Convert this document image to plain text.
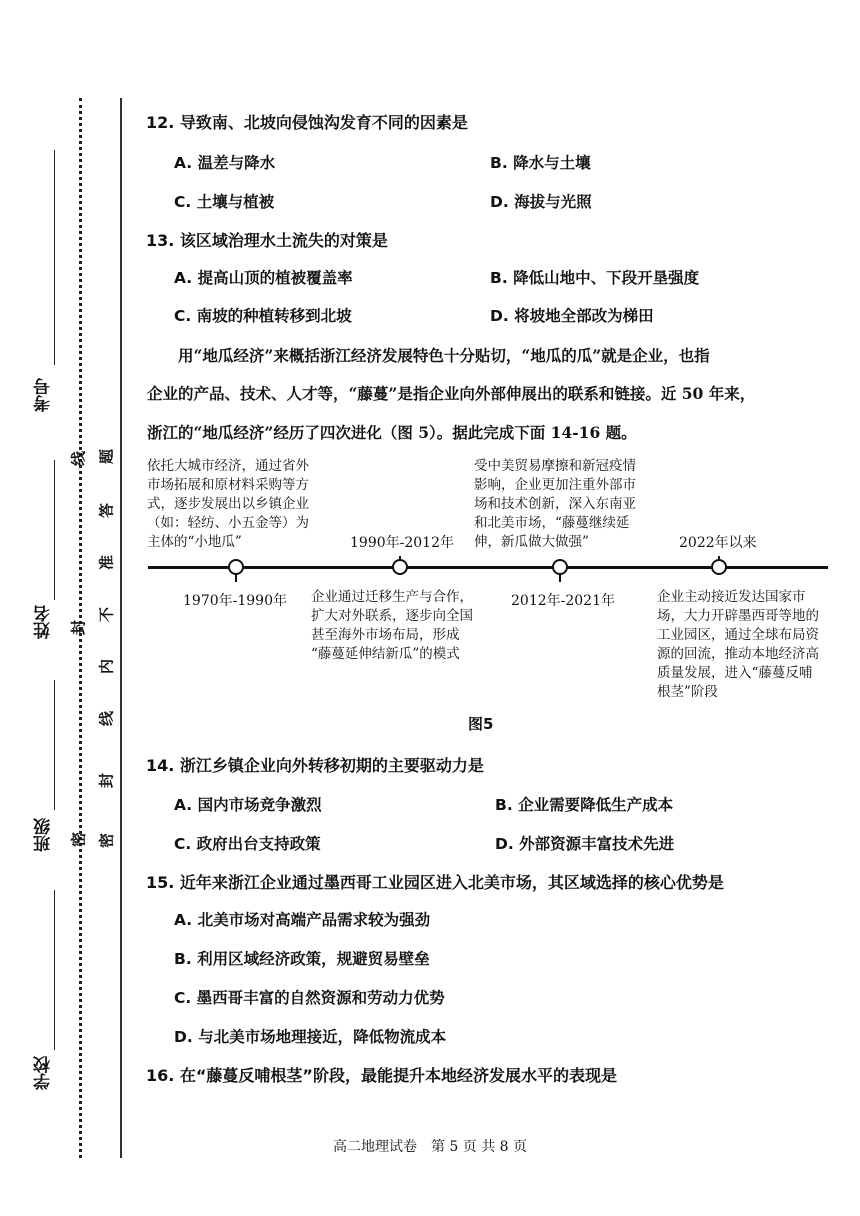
考号
姓名
班级
学校
题
答
准
不
内
线
封
密
线
封
密
12. 导致南、北坡向侵蚀沟发育不同的因素是
A. 温差与降水	B. 降水与土壤
C. 土壤与植被	D. 海拔与光照
13. 该区域治理水土流失的对策是
A. 提高山顶的植被覆盖率	B. 降低山地中、下段开垦强度
C. 南坡的种植转移到北坡	D. 将坡地全部改为梯田
用“地瓜经济”来概括浙江经济发展特色十分贴切，“地瓜的瓜”就是企业，也指
企业的产品、技术、人才等，“藤蔓”是指企业向外部伸展出的联系和链接。近 50 年来，
浙江的“地瓜经济”经历了四次进化（图 5）。据此完成下面 14-16 题。
依托大城市经济，通过省外
市场拓展和原材料采购等方
式，逐步发展出以乡镇企业
（如：轻纺、小五金等）为
主体的“小地瓜”
受中美贸易摩擦和新冠疫情
影响，企业更加注重外部市
场和技术创新，深入东南亚
和北美市场，“藤蔓继续延
伸，新瓜做大做强”
1990年-2012年	2022年以来
1970年-1990年	2012年-2021年
企业通过迁移生产与合作，
扩大对外联系，逐步向全国
甚至海外市场布局，形成
“藤蔓延伸结新瓜”的模式
企业主动接近发达国家市
场，大力开辟墨西哥等地的
工业园区，通过全球布局资
源的回流，推动本地经济高
质量发展，进入“藤蔓反哺
根茎”阶段
图5
14. 浙江乡镇企业向外转移初期的主要驱动力是
A. 国内市场竞争激烈	B. 企业需要降低生产成本
C. 政府出台支持政策	D. 外部资源丰富技术先进
15. 近年来浙江企业通过墨西哥工业园区进入北美市场，其区域选择的核心优势是
A. 北美市场对高端产品需求较为强劲
B. 利用区域经济政策，规避贸易壁垒
C. 墨西哥丰富的自然资源和劳动力优势
D. 与北美市场地理接近，降低物流成本
16. 在“藤蔓反哺根茎”阶段，最能提升本地经济发展水平的表现是
高二地理试卷　第 5 页 共 8 页
